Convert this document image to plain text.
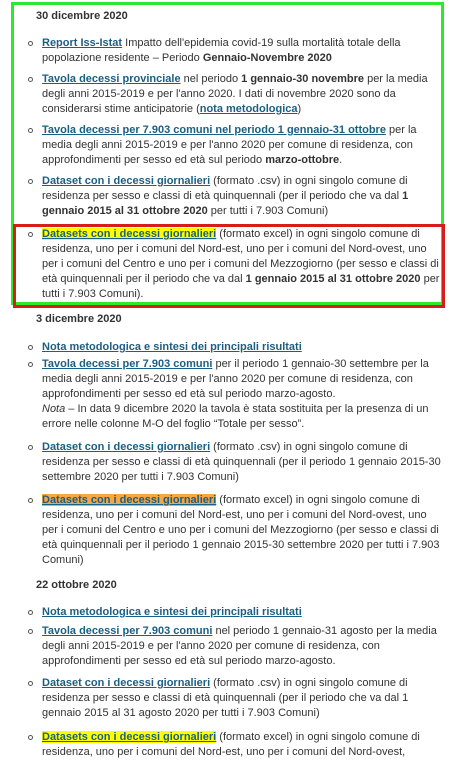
30 dicembre 2020
Report Iss-Istat Impatto dell'epidemia covid-19 sulla mortalità totale della popolazione residente – Periodo Gennaio-Novembre 2020
Tavola decessi provinciale nel periodo 1 gennaio-30 novembre per la media degli anni 2015-2019 e per l'anno 2020. I dati di novembre 2020 sono da considerarsi stime anticipatorie (nota metodologica)
Tavola decessi per 7.903 comuni nel periodo 1 gennaio-31 ottobre per la media degli anni 2015-2019 e per l'anno 2020 per comune di residenza, con approfondimenti per sesso ed età sul periodo marzo-ottobre.
Dataset con i decessi giornalieri (formato .csv) in ogni singolo comune di residenza per sesso e classi di età quinquennali (per il periodo che va dal 1 gennaio 2015 al 31 ottobre 2020 per tutti i 7.903 Comuni)
Datasets con i decessi giornalieri (formato excel) in ogni singolo comune di residenza, uno per i comuni del Nord-est, uno per i comuni del Nord-ovest, uno per i comuni del Centro e uno per i comuni del Mezzogiorno (per sesso e classi di età quinquennali per il periodo che va dal 1 gennaio 2015 al 31 ottobre 2020 per tutti i 7.903 Comuni).
3 dicembre 2020
Nota metodologica e sintesi dei principali risultati
Tavola decessi per 7.903 comuni per il periodo 1 gennaio-30 settembre per la media degli anni 2015-2019 e per l'anno 2020 per comune di residenza, con approfondimenti per sesso ed età sul periodo marzo-agosto.
Nota – In data 9 dicembre 2020 la tavola è stata sostituita per la presenza di un errore nelle colonne M-O del foglio “Totale per sesso”.
Dataset con i decessi giornalieri (formato .csv) in ogni singolo comune di residenza per sesso e classi di età quinquennali (per il periodo 1 gennaio 2015-30 settembre 2020 per tutti i 7.903 Comuni)
Datasets con i decessi giornalieri (formato excel) in ogni singolo comune di residenza, uno per i comuni del Nord-est, uno per i comuni del Nord-ovest, uno per i comuni del Centro e uno per i comuni del Mezzogiorno (per sesso e classi di età quinquennali per il periodo 1 gennaio 2015-30 settembre 2020 per tutti i 7.903 Comuni)
22 ottobre 2020
Nota metodologica e sintesi dei principali risultati
Tavola decessi per 7.903 comuni nel periodo 1 gennaio-31 agosto per la media degli anni 2015-2019 e per l'anno 2020 per comune di residenza, con approfondimenti per sesso ed età sul periodo marzo-agosto.
Dataset con i decessi giornalieri (formato .csv) in ogni singolo comune di residenza per sesso e classi di età quinquennali (per il periodo che va dal 1 gennaio 2015 al 31 agosto 2020 per tutti i 7.903 Comuni)
Datasets con i decessi giornalieri (formato excel) in ogni singolo comune di residenza, uno per i comuni del Nord-est, uno per i comuni del Nord-ovest,
